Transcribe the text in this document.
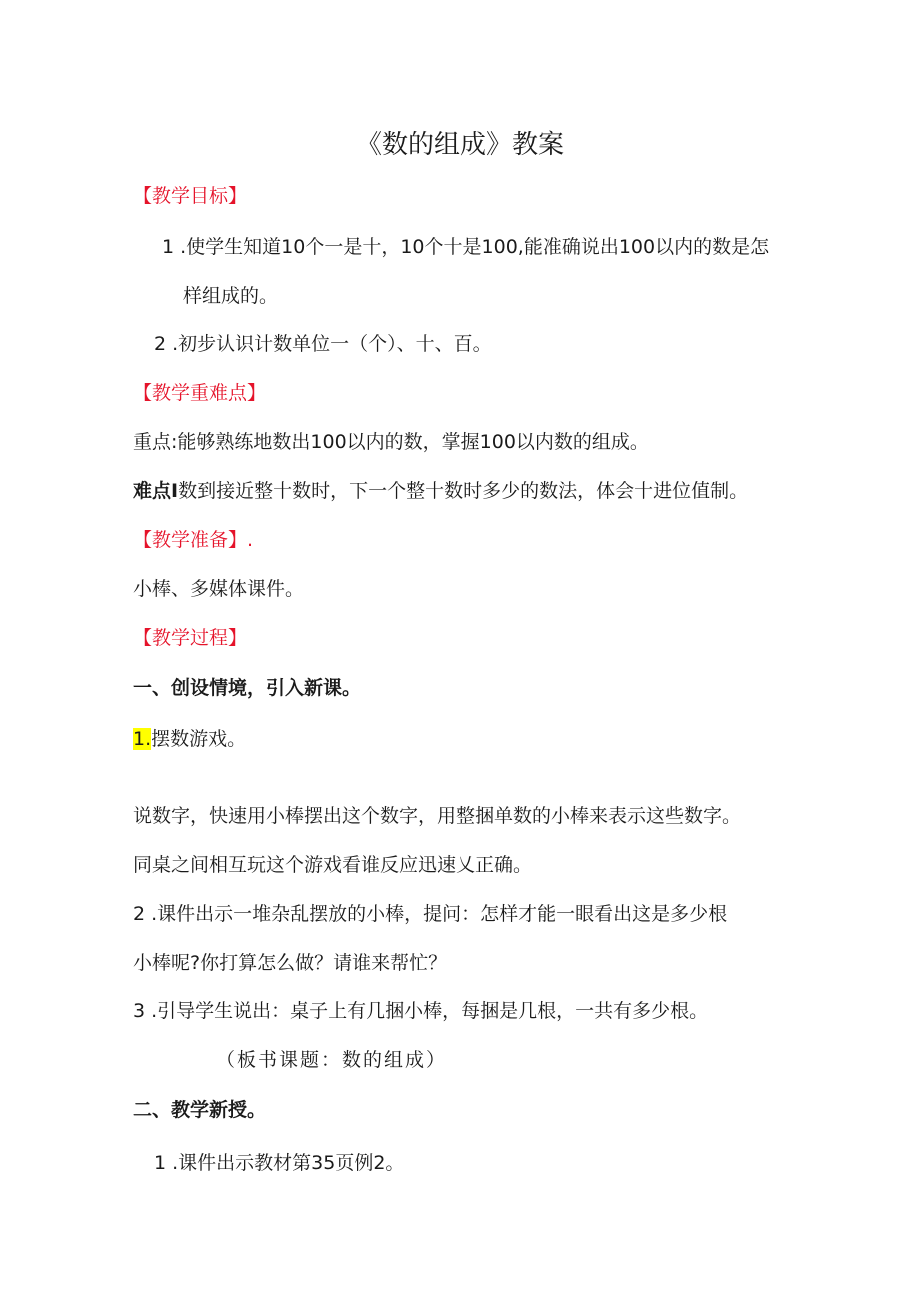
《数的组成》教案
【教学目标】
1 .使学生知道10个一是十，10个十是100,能准确说出100以内的数是怎
样组成的。
2 .初步认识计数单位一（个）、十、百。
【教学重难点】
重点:能够熟练地数出100以内的数，掌握100以内数的组成。
难点I数到接近整十数时，下一个整十数时多少的数法，体会十进位值制。
【教学准备】.
小棒、多媒体课件。
【教学过程】
一、创设情境，引入新课。
1.摆数游戏。
说数字，快速用小棒摆出这个数字，用整捆单数的小棒来表示这些数字。
同桌之间相互玩这个游戏看谁反应迅速乂正确。
2 .课件出示一堆杂乱摆放的小棒，提问：怎样才能一眼看出这是多少根
小棒呢?你打算怎么做？请谁来帮忙？
3 .引导学生说出：桌子上有几捆小棒，每捆是几根，一共有多少根。
（板书课题：数的组成）
二、教学新授。
1 .课件出示教材第35页例2。
